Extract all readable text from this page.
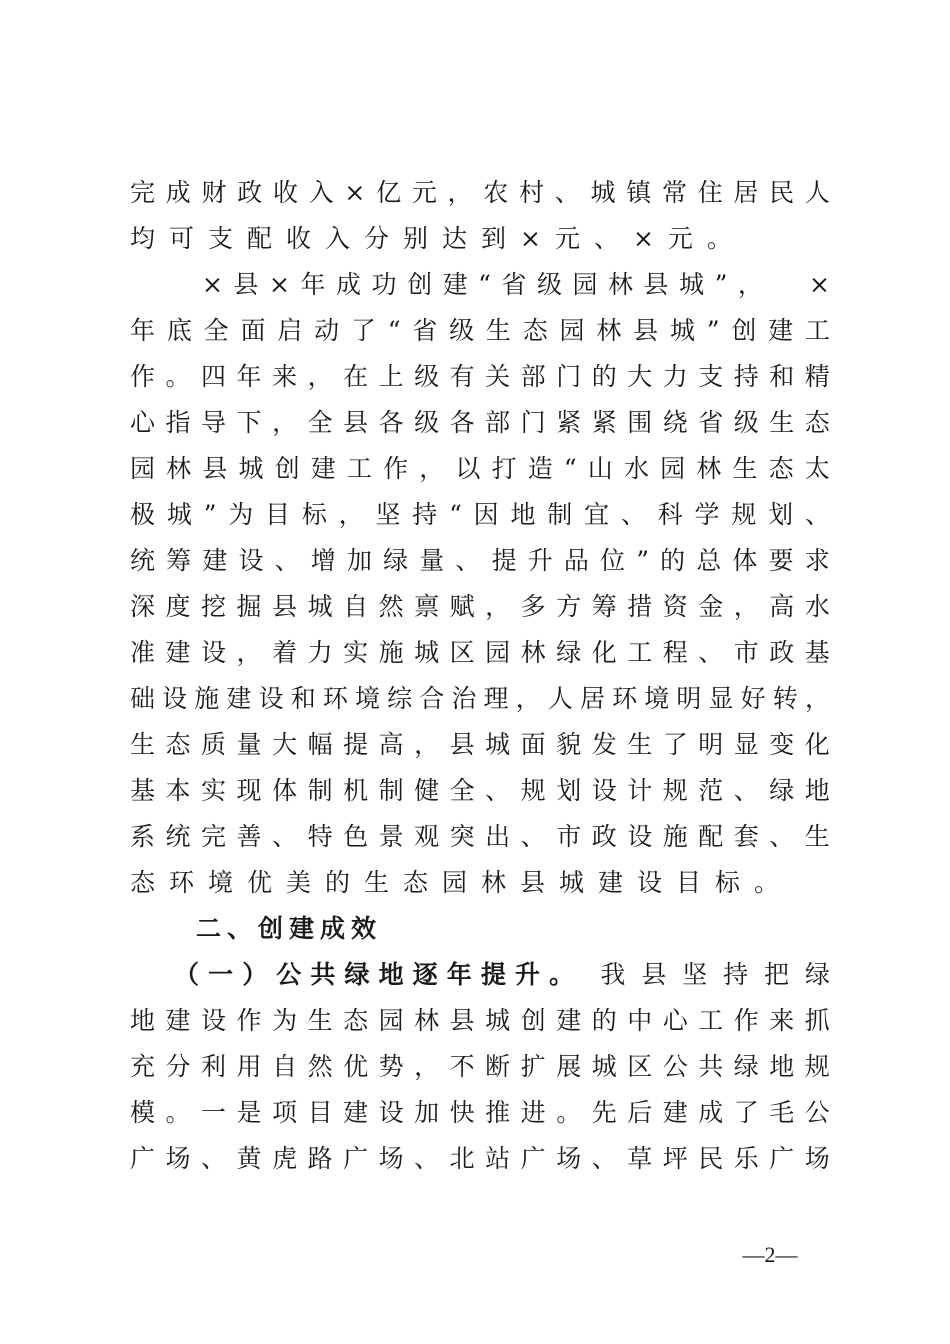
完 成 财 政 收 入 × 亿 元 ， 农 村 、 城 镇 常 住 居 民 人
均可支配收入分别达到×元、×元。
× 县 × 年 成 功 创 建 “ 省 级 园 林 县 城 ” ，
　 ×
年 底 全 面 启 动 了 “ 省 级 生 态 园 林 县 城 ” 创 建 工
作 。 四 年 来 ， 在 上 级 有 关 部 门 的 大 力 支 持 和 精
心 指 导 下 ， 全 县 各 级 各 部 门 紧 紧 围 绕 省 级 生 态
园 林 县 城 创 建 工 作 ， 以 打 造 “ 山 水 园 林 生 态 太
极 城 ” 为 目 标 ， 坚 持 “ 因 地 制 宜 、 科 学 规 划 、
统 筹 建 设 、 增 加 绿 量 、 提 升 品 位 ” 的 总 体 要 求
深 度 挖 掘 县 城 自 然 禀 赋 ， 多 方 筹 措 资 金 ， 高 水
准 建 设 ， 着 力 实 施 城 区 园 林 绿 化 工 程 、 市 政 基
础 设 施 建 设 和 环 境 综 合 治 理 ， 人 居 环 境 明 显 好 转 ，
生 态 质 量 大 幅 提 高 ， 县 城 面 貌 发 生 了 明 显 变 化
基 本 实 现 体 制 机 制 健 全 、 规 划 设 计 规 范 、 绿 地
系 统 完 善 、 特 色 景 观 突 出 、 市 政 设 施 配 套 、 生
态环境优美的生态园林县城建设目标。
二、创建成效
（ 一 ） 公 共 绿 地 逐 年 提 升 。 我 县 坚 持 把 绿
地 建 设 作 为 生 态 园 林 县 城 创 建 的 中 心 工 作 来 抓
充 分 利 用 自 然 优 势 ， 不 断 扩 展 城 区 公 共 绿 地 规
模 。 一 是 项 目 建 设 加 快 推 进 。 先 后 建 成 了 毛 公
广 场 、 黄 虎 路 广 场 、 北 站 广 场 、 草 坪 民 乐 广 场
—2—
